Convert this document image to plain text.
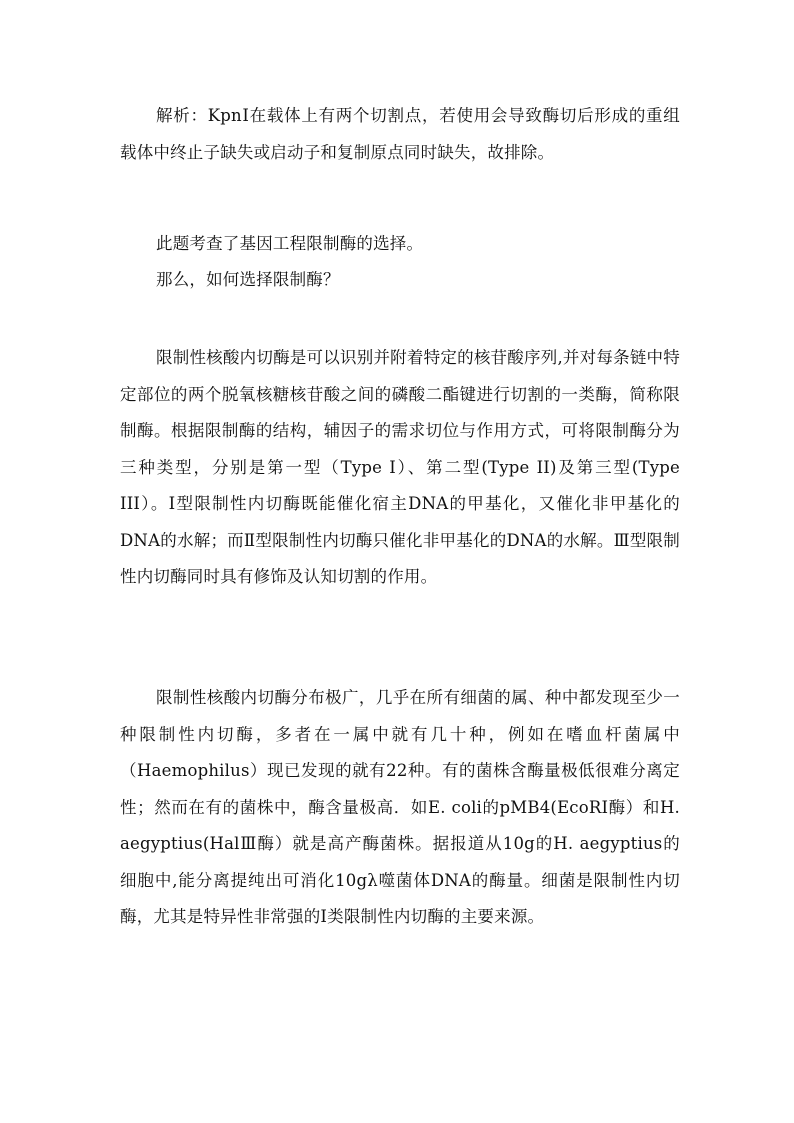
解析：KpnⅠ在载体上有两个切割点，若使用会导致酶切后形成的重组载体中终止子缺失或启动子和复制原点同时缺失，故排除。

此题考查了基因工程限制酶的选择。

那么，如何选择限制酶？

限制性核酸内切酶是可以识别并附着特定的核苷酸序列,并对每条链中特定部位的两个脱氧核糖核苷酸之间的磷酸二酯键进行切割的一类酶，简称限制酶。根据限制酶的结构，辅因子的需求切位与作用方式，可将限制酶分为三种类型，分别是第一型（Type I）、第二型(Type II)及第三型(Type III）。Ⅰ型限制性内切酶既能催化宿主DNA的甲基化，又催化非甲基化的DNA的水解；而Ⅱ型限制性内切酶只催化非甲基化的DNA的水解。Ⅲ型限制性内切酶同时具有修饰及认知切割的作用。

限制性核酸内切酶分布极广，几乎在所有细菌的属、种中都发现至少一种限制性内切酶，多者在一属中就有几十种，例如在嗜血杆菌属中（Haemophilus）现已发现的就有22种。有的菌株含酶量极低很难分离定性；然而在有的菌株中，酶含量极高．如E. coli的pMB4(EcoRI酶）和H. aegyptius(HalⅢ酶）就是高产酶菌株。据报道从10g的H. aegyptius的细胞中,能分离提纯出可消化10gλ噬菌体DNA的酶量。细菌是限制性内切酶，尤其是特异性非常强的Ⅰ类限制性内切酶的主要来源。
